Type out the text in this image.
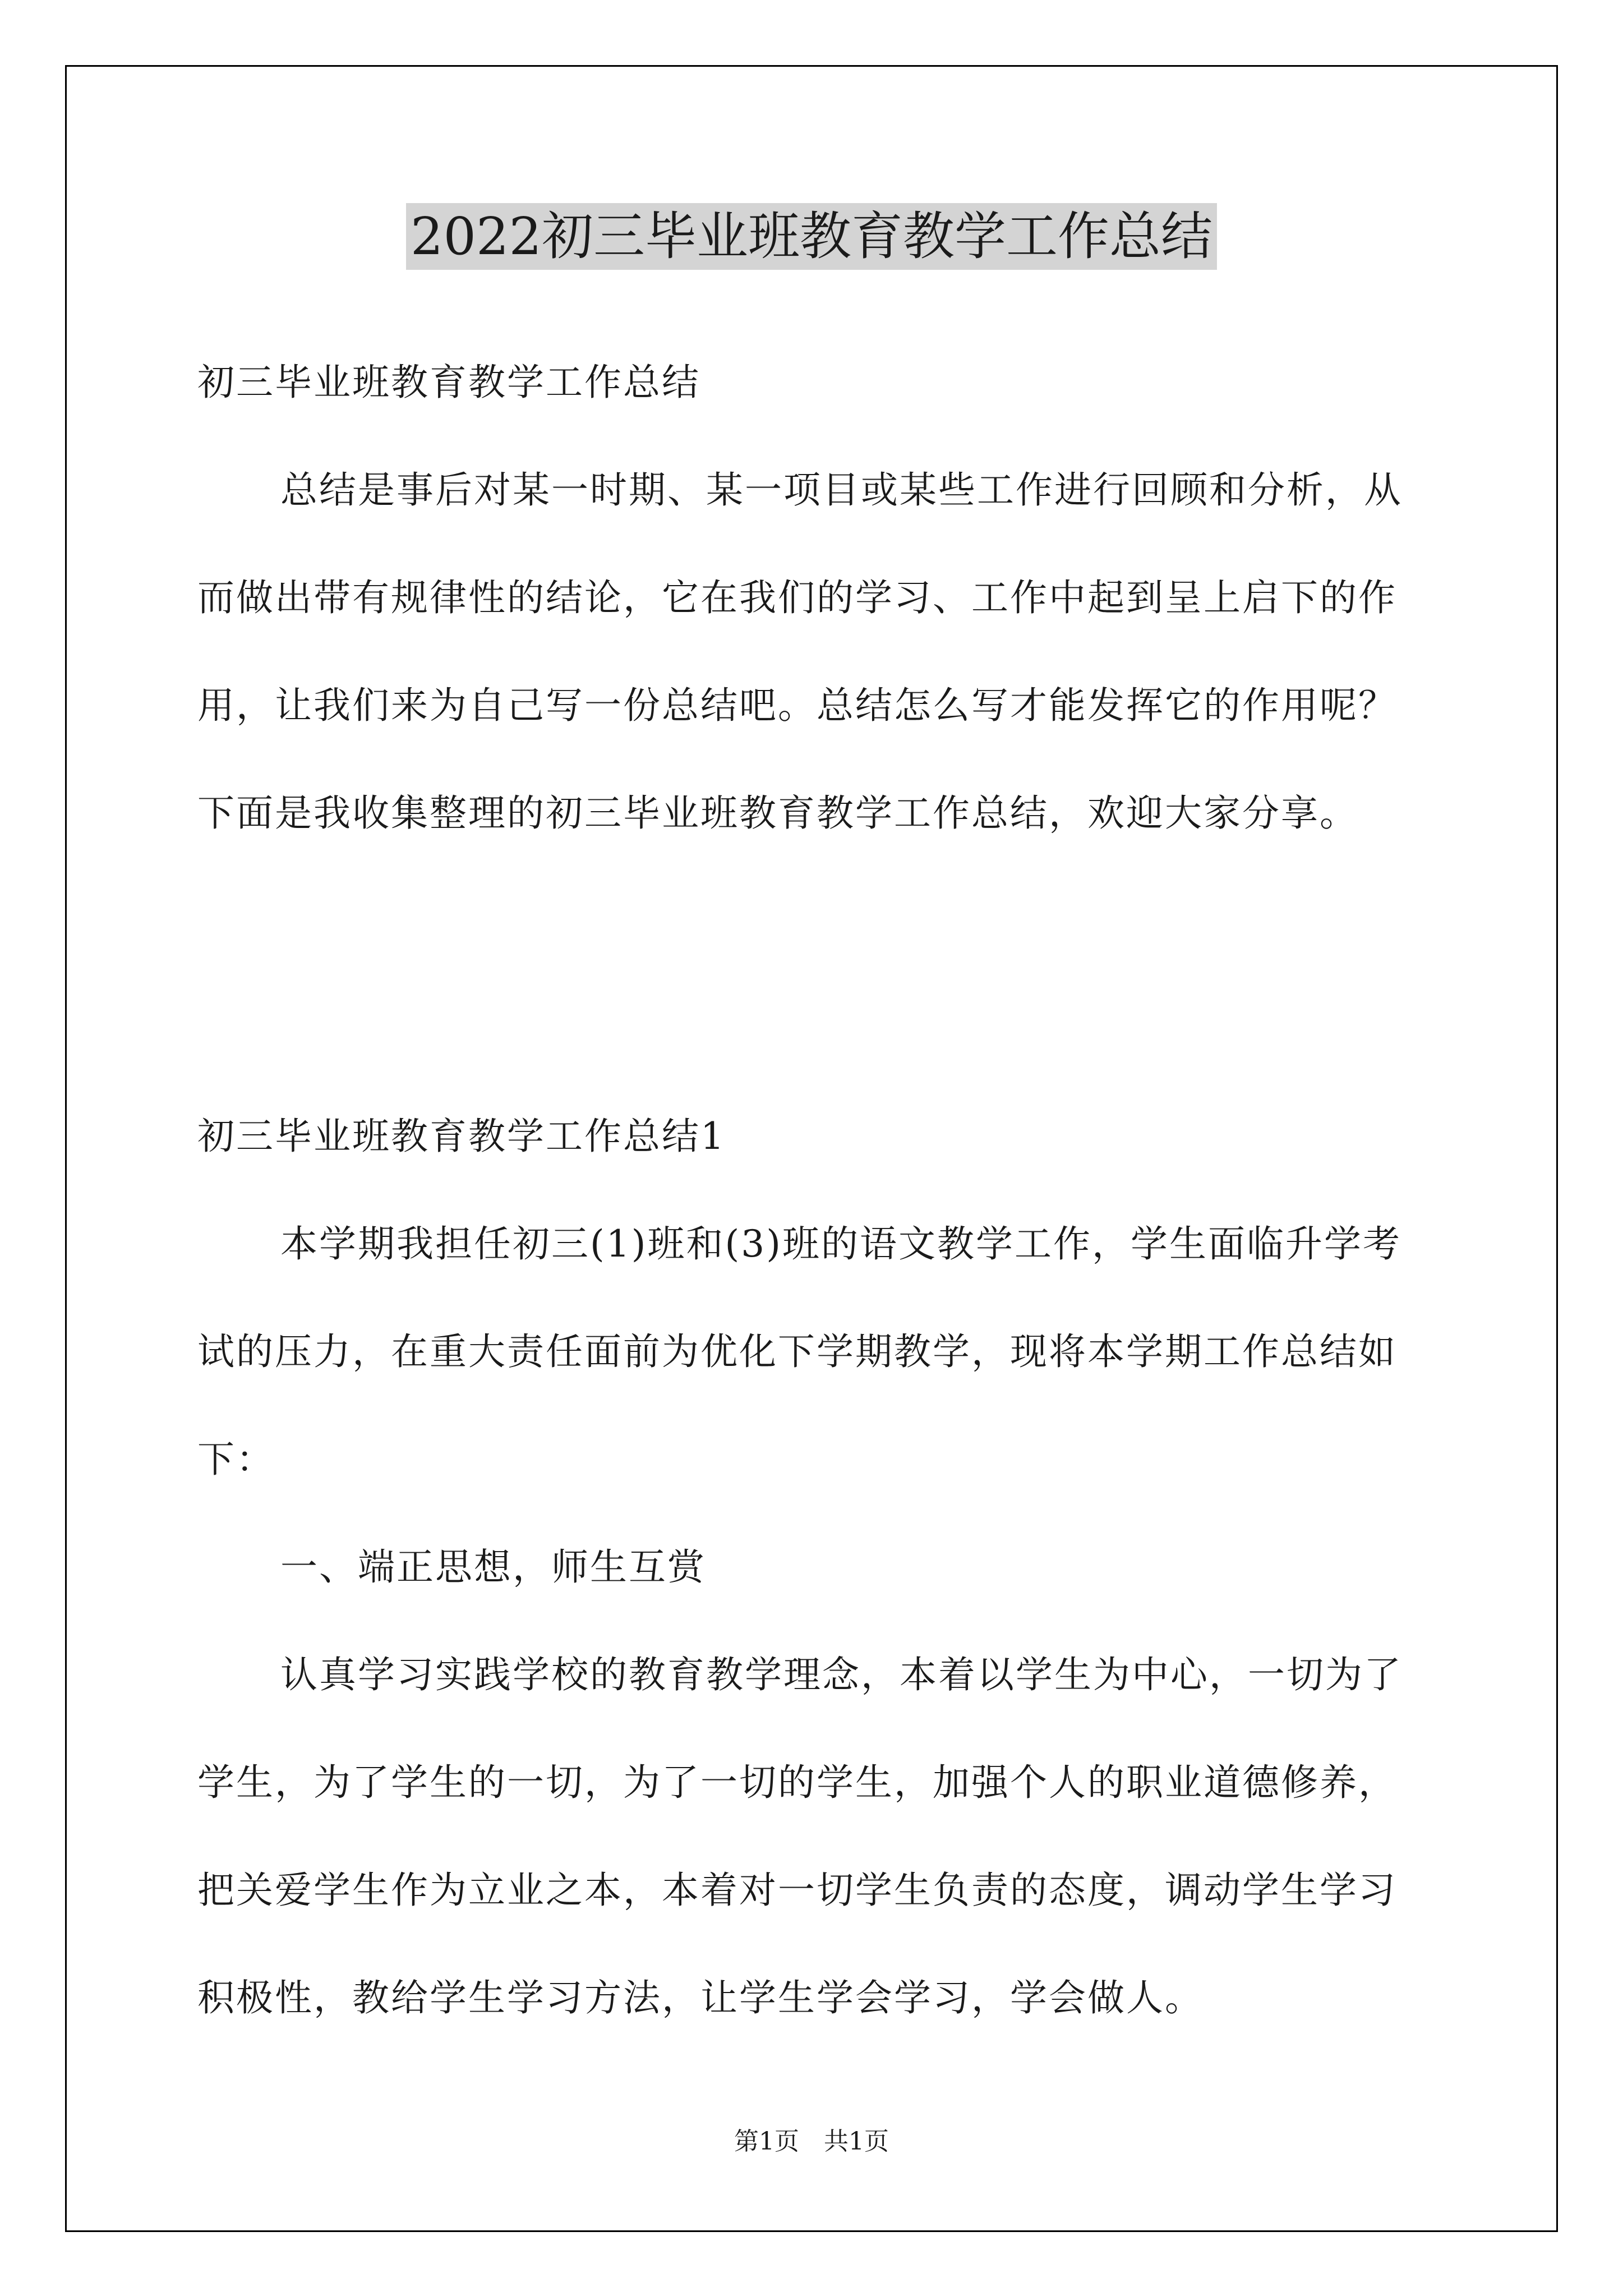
2022初三毕业班教育教学工作总结

初三毕业班教育教学工作总结

总结是事后对某一时期、某一项目或某些工作进行回顾和分析，从而做出带有规律性的结论，它在我们的学习、工作中起到呈上启下的作用，让我们来为自己写一份总结吧。总结怎么写才能发挥它的作用呢？下面是我收集整理的初三毕业班教育教学工作总结，欢迎大家分享。

初三毕业班教育教学工作总结1

本学期我担任初三(1)班和(3)班的语文教学工作，学生面临升学考试的压力，在重大责任面前为优化下学期教学，现将本学期工作总结如下：

一、端正思想，师生互赏

认真学习实践学校的教育教学理念，本着以学生为中心，一切为了学生，为了学生的一切，为了一切的学生，加强个人的职业道德修养，把关爱学生作为立业之本，本着对一切学生负责的态度，调动学生学习积极性，教给学生学习方法，让学生学会学习，学会做人。

第1页　共1页
